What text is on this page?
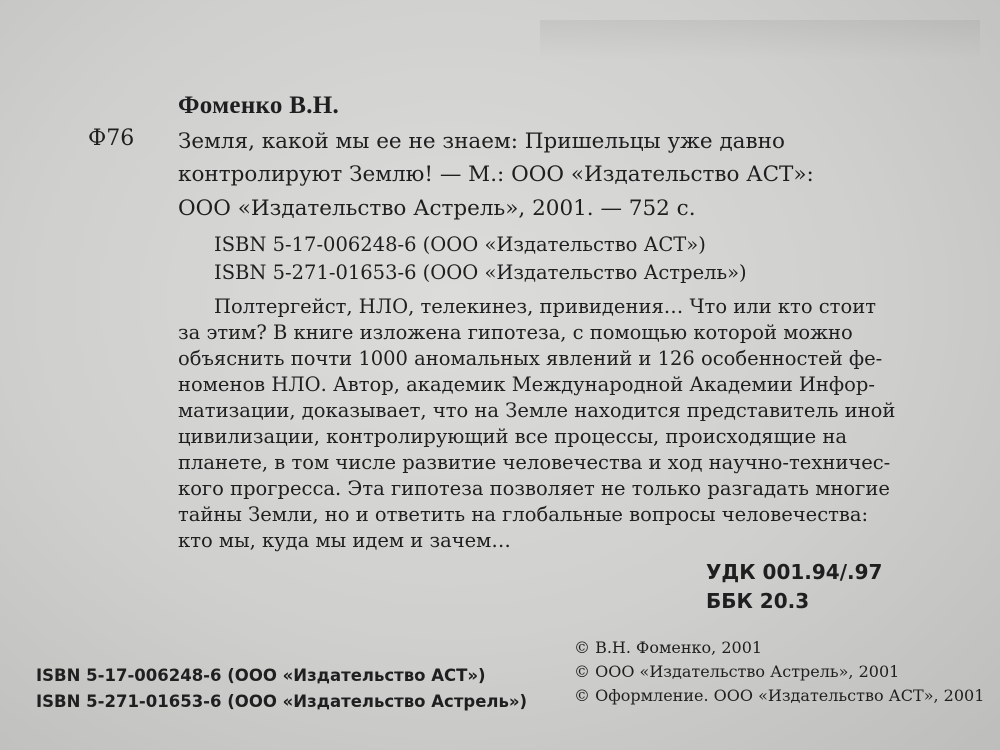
Фоменко В.Н.
Ф76 Земля, какой мы ее не знаем: Пришельцы уже давно
контролируют Землю! — М.: ООО «Издательство АСТ»:
ООО «Издательство Астрель», 2001. — 752 с.
ISBN 5-17-006248-6 (ООО «Издательство АСТ»)
ISBN 5-271-01653-6 (ООО «Издательство Астрель»)
Полтергейст, НЛО, телекинез, привидения… Что или кто стоит
за этим? В книге изложена гипотеза, с помощью которой можно
объяснить почти 1000 аномальных явлений и 126 особенностей фе-
номенов НЛО. Автор, академик Международной Академии Инфор-
матизации, доказывает, что на Земле находится представитель иной
цивилизации, контролирующий все процессы, происходящие на
планете, в том числе развитие человечества и ход научно-техничес-
кого прогресса. Эта гипотеза позволяет не только разгадать многие
тайны Земли, но и ответить на глобальные вопросы человечества:
кто мы, куда мы идем и зачем…
УДК 001.94/.97
ББК 20.3
ISBN 5-17-006248-6 (ООО «Издательство АСТ»)
ISBN 5-271-01653-6 (ООО «Издательство Астрель»)
© В.Н. Фоменко, 2001
© ООО «Издательство Астрель», 2001
© Оформление. ООО «Издательство АСТ», 2001
